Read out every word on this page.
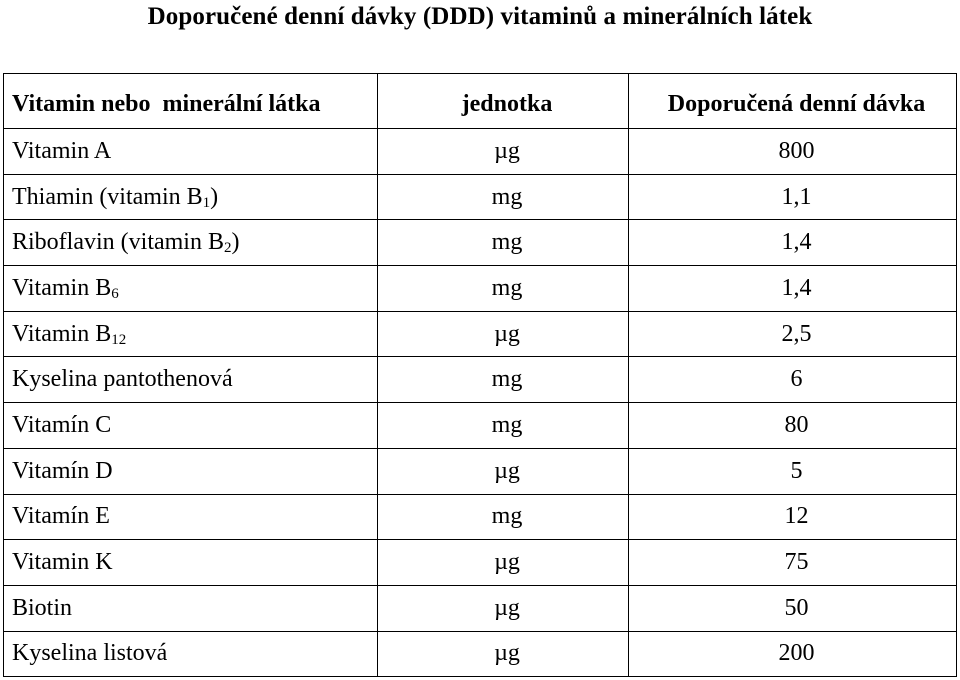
Doporučené denní dávky (DDD) vitaminů a minerálních látek
Vitamin nebo  minerální látka	jednotka	Doporučená denní dávka
Vitamin A	µg	800
Thiamin (vitamin $B_1$)	mg	1,1
Riboflavin (vitamin $B_2$)	mg	1,4
Vitamin $B_6$	mg	1,4
Vitamin $B_{12}$	µg	2,5
Kyselina pantothenová	mg	6
Vitamín C	mg	80
Vitamín D	µg	5
Vitamín E	mg	12
Vitamin K	µg	75
Biotin	µg	50
Kyselina listová	µg	200
